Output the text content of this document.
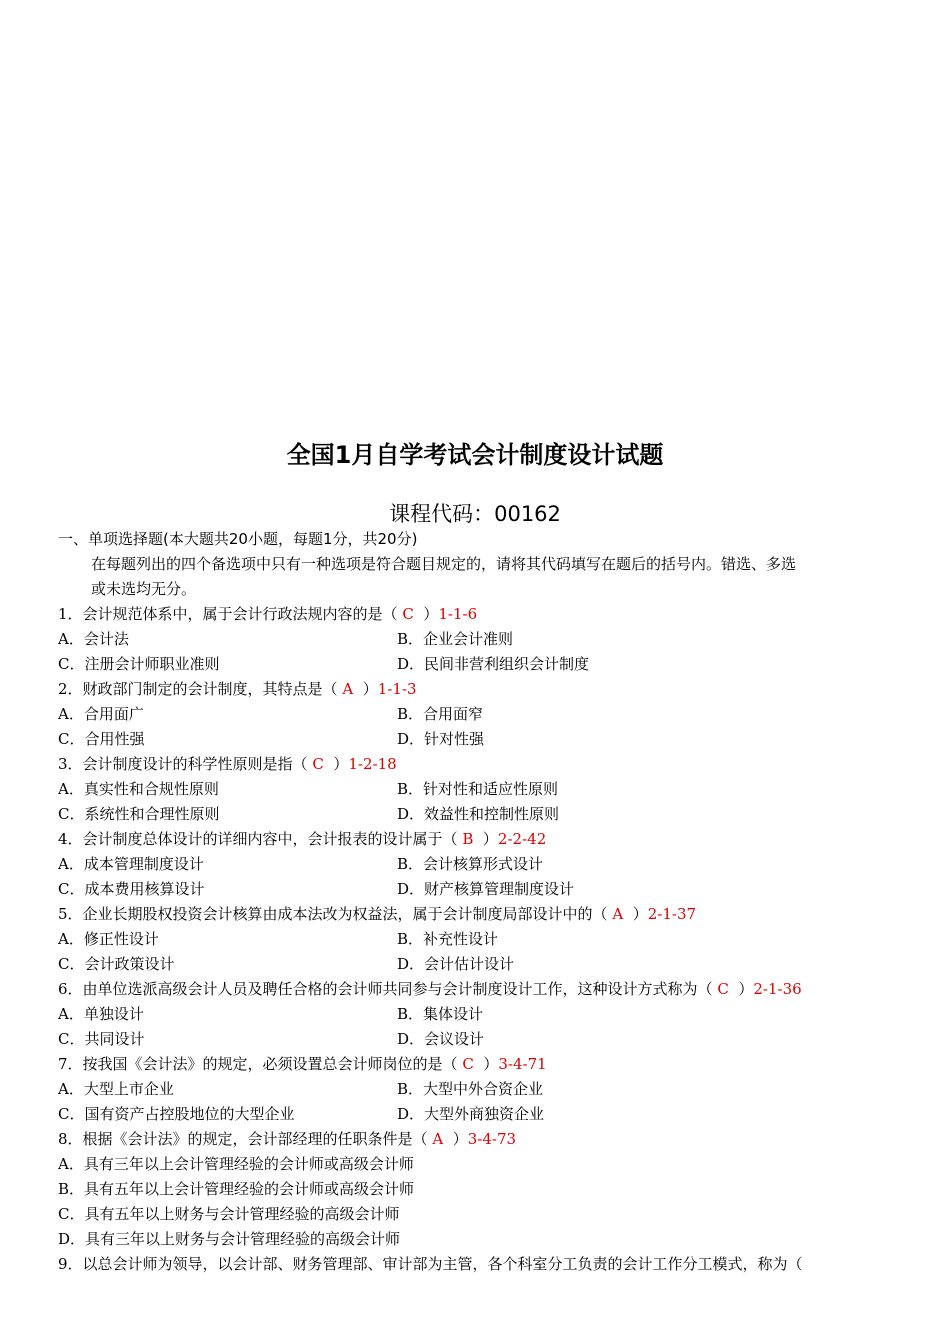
全国1月自学考试会计制度设计试题
课程代码：00162
一、单项选择题(本大题共20小题，每题1分，共20分)
在每题列出的四个备选项中只有一种选项是符合题目规定的，请将其代码填写在题后的括号内。错选、多选
或未选均无分。
1．会计规范体系中，属于会计行政法规内容的是（ C ）1-1-6
A．会计法	B．企业会计准则
C．注册会计师职业准则	D．民间非营利组织会计制度
2．财政部门制定的会计制度，其特点是（ A ）1-1-3
A．合用面广	B．合用面窄
C．合用性强	D．针对性强
3．会计制度设计的科学性原则是指（ C ）1-2-18
A．真实性和合规性原则	B．针对性和适应性原则
C．系统性和合理性原则	D．效益性和控制性原则
4．会计制度总体设计的详细内容中，会计报表的设计属于（ B ）2-2-42
A．成本管理制度设计	B．会计核算形式设计
C．成本费用核算设计	D．财产核算管理制度设计
5．企业长期股权投资会计核算由成本法改为权益法，属于会计制度局部设计中的（ A ）2-1-37
A．修正性设计	B．补充性设计
C．会计政策设计	D．会计估计设计
6．由单位选派高级会计人员及聘任合格的会计师共同参与会计制度设计工作，这种设计方式称为（ C ）2-1-36
A．单独设计	B．集体设计
C．共同设计	D．会议设计
7．按我国《会计法》的规定，必须设置总会计师岗位的是（ C ）3-4-71
A．大型上市企业	B．大型中外合资企业
C．国有资产占控股地位的大型企业	D．大型外商独资企业
8．根据《会计法》的规定，会计部经理的任职条件是（ A ）3-4-73
A．具有三年以上会计管理经验的会计师或高级会计师
B．具有五年以上会计管理经验的会计师或高级会计师
C．具有五年以上财务与会计管理经验的高级会计师
D．具有三年以上财务与会计管理经验的高级会计师
9．以总会计师为领导，以会计部、财务管理部、审计部为主管，各个科室分工负责的会计工作分工模式，称为（
